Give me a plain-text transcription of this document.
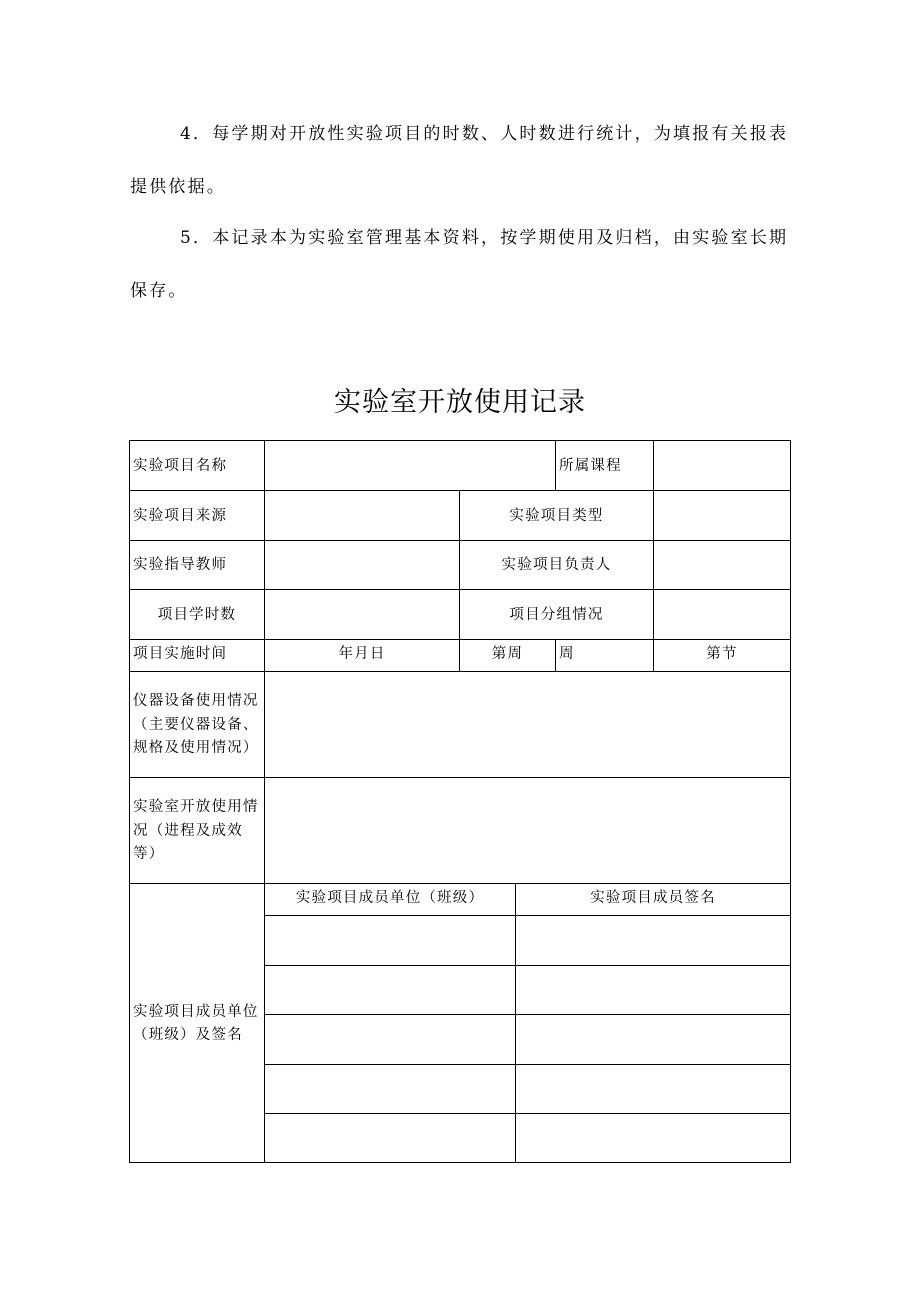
4．每学期对开放性实验项目的时数、人时数进行统计，为填报有关报表提供依据。

5．本记录本为实验室管理基本资料，按学期使用及归档，由实验室长期保存。

实验室开放使用记录
实验项目名称	所属课程
实验项目来源	实验项目类型
实验指导教师	实验项目负责人
项目学时数	项目分组情况
项目实施时间	年月日	第周	周	第节
仪器设备使用情况（主要仪器设备、规格及使用情况）
实验室开放使用情况（进程及成效等）
实验项目成员单位（班级）及签名
实验项目成员单位（班级）	实验项目成员签名
